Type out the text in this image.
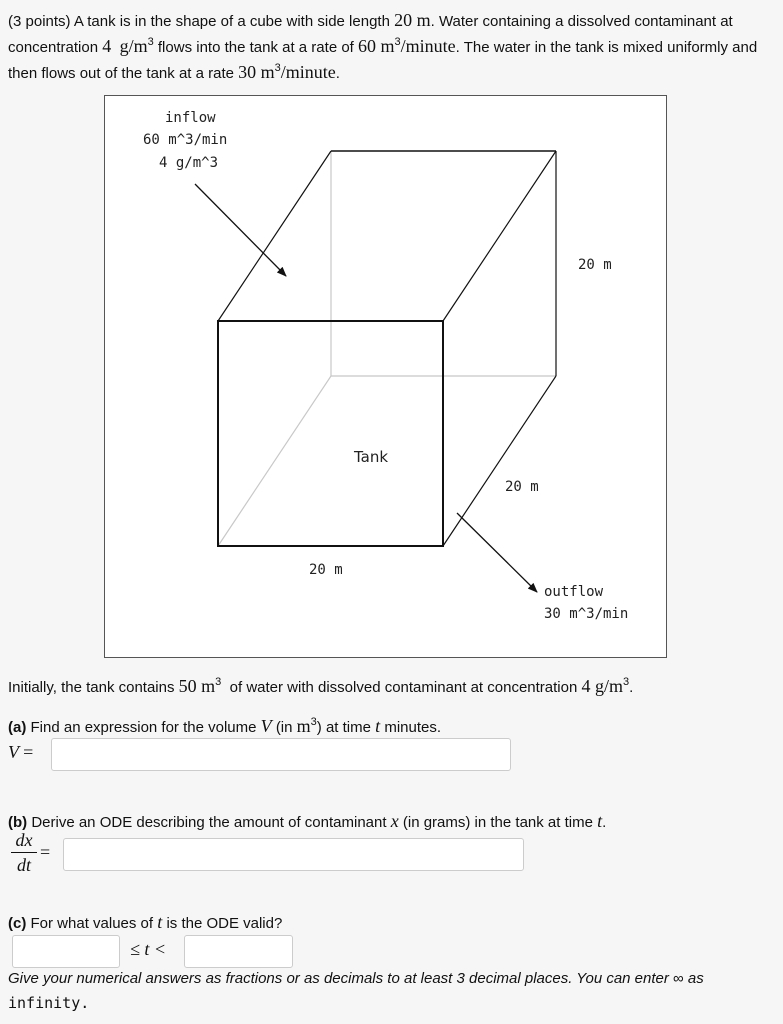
(3 points) A tank is in the shape of a cube with side length 20 m. Water containing a dissolved contaminant at concentration 4 $g/m^3$ flows into the tank at a rate of 60 $m^3$/minute. The water in the tank is mixed uniformly and then flows out of the tank at a rate 30 $m^3$/minute.
inflow
60 m^3/min
4 g/m^3
20 m
Tank
20 m
20 m
outflow
30 m^3/min
Initially, the tank contains 50 $m^3$ of water with dissolved contaminant at concentration 4 $g/m^3$.
(a) Find an expression for the volume V (in $m^3$) at time t minutes.
V =
(b) Derive an ODE describing the amount of contaminant x (in grams) in the tank at time t.
dx
dt
=
(c) For what values of t is the ODE valid?
≤ t <
Give your numerical answers as fractions or as decimals to at least 3 decimal places. You can enter ∞ as
infinity.
